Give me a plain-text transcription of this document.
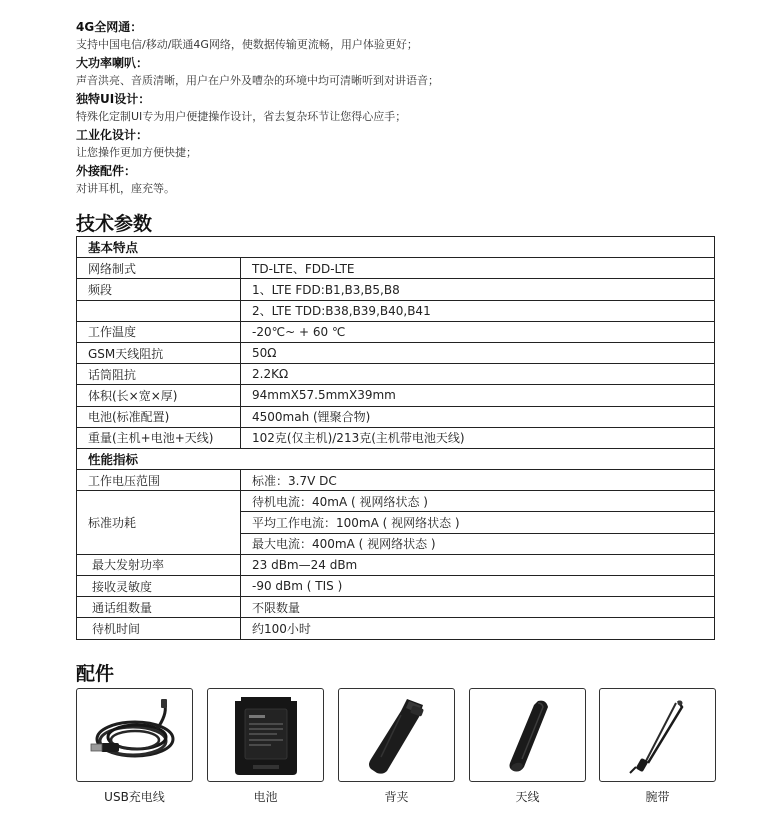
4G全网通：
支持中国电信/移动/联通4G网络，使数据传输更流畅，用户体验更好；
大功率喇叭：
声音洪亮、音质清晰，用户在户外及嘈杂的环境中均可清晰听到对讲语音；
独特UI设计：
特殊化定制UI专为用户便捷操作设计，省去复杂环节让您得心应手；
工业化设计：
让您操作更加方便快捷；
外接配件：
对讲耳机，座充等。
技术参数
基本特点	
网络制式	TD-LTE、FDD-LTE
频段	1、LTE FDD:B1,B3,B5,B8
	2、LTE TDD:B38,B39,B40,B41
工作温度	-20℃~ + 60 ℃
GSM天线阻抗	50Ω
话筒阻抗	2.2KΩ
体积(长×宽×厚)	94mmX57.5mmX39mm
电池(标准配置)	4500mah (锂聚合物)
重量(主机+电池+天线)	102克(仅主机)/213克(主机带电池天线)
性能指标	
工作电压范围	标准：3.7V DC
标准功耗	待机电流：40mA ( 视网络状态 )
	平均工作电流：100mA ( 视网络状态 )
	最大电流：400mA ( 视网络状态 )
最大发射功率	23 dBm—24 dBm
接收灵敏度	-90 dBm ( TIS )
通话组数量	不限数量
待机时间	约100小时
配件
USB充电线	电池	背夹	天线	腕带
